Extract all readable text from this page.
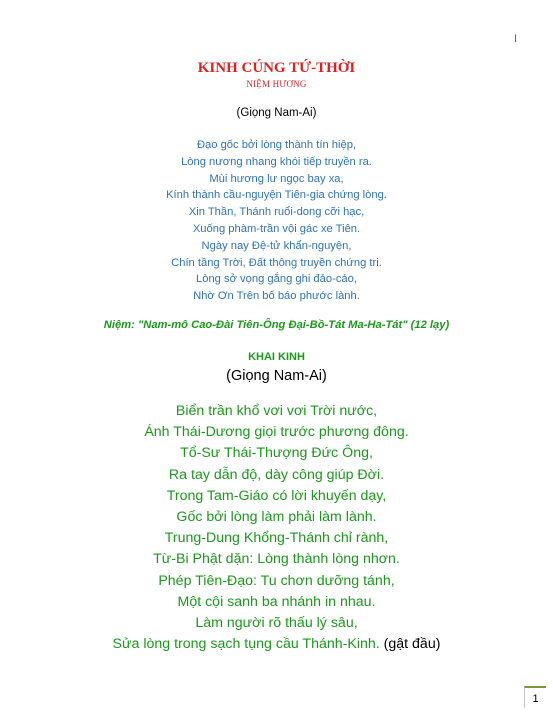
I
KINH CÚNG TỨ-THỜI
NIỆM HƯƠNG
(Giọng Nam-Ai)
Đạo gốc bởi lòng thành tín hiệp,
Lòng nương nhang khói tiếp truyền ra.
Mùi hương lư ngọc bay xa,
Kính thành cầu-nguyện Tiên-gia chứng lòng.
Xin Thần, Thánh ruổi-dong cỡi hạc,
Xuống phàm-trần vội gác xe Tiên.
Ngày nay Đệ-tử khẩn-nguyện,
Chín tầng Trời, Đất thông truyền chứng tri.
Lòng sở vọng gắng ghi đảo-cáo,
Nhờ Ơn Trên bố báo phước lành.
Niệm: "Nam-mô Cao-Đài Tiên-Ông Đại-Bồ-Tát Ma-Ha-Tát" (12 lạy)
KHAI KINH
(Giọng Nam-Ai)
Biển trần khổ vơi vơi Trời nước,
Ánh Thái-Dương giọi trước phương đông.
Tổ-Sư Thái-Thượng Đức Ông,
Ra tay dẫn độ, dày công giúp Đời.
Trong Tam-Giáo có lời khuyến dạy,
Gốc bởi lòng làm phải làm lành.
Trung-Dung Khổng-Thánh chỉ rành,
Từ-Bi Phật dặn: Lòng thành lòng nhơn.
Phép Tiên-Đạo: Tu chơn dưỡng tánh,
Một cội sanh ba nhánh in nhau.
Làm người rõ thấu lý sâu,
Sửa lòng trong sạch tụng cầu Thánh-Kinh. (gật đầu)
1
